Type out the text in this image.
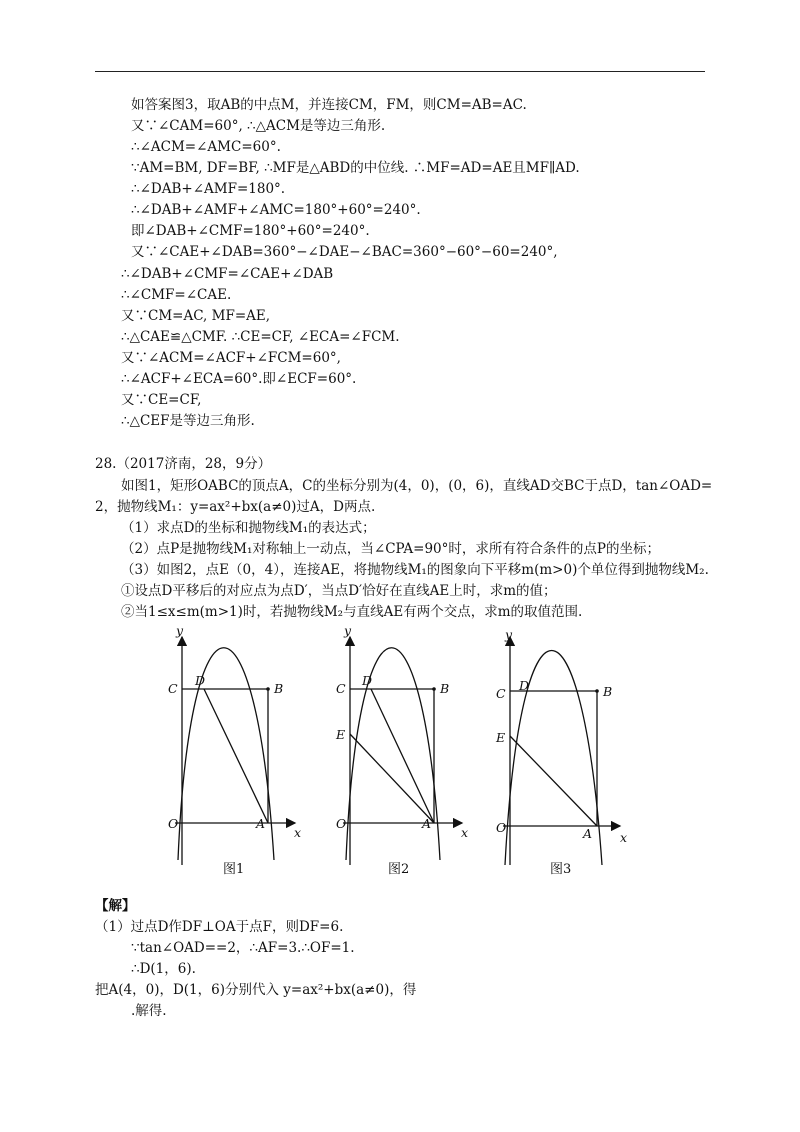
如答案图3，取AB的中点M，并连接CM，FM，则CM=AB=AC.
又∵∠CAM=60°, ∴△ACM是等边三角形.
∴∠ACM=∠AMC=60°.
∵AM=BM, DF=BF, ∴MF是△ABD的中位线. ∴MF=AD=AE且MF∥AD.
∴∠DAB+∠AMF=180°.
∴∠DAB+∠AMF+∠AMC=180°+60°=240°.
即∠DAB+∠CMF=180°+60°=240°.
又∵∠CAE+∠DAB=360°−∠DAE−∠BAC=360°−60°−60=240°,
∴∠DAB+∠CMF=∠CAE+∠DAB
∴∠CMF=∠CAE.
又∵CM=AC, MF=AE,
∴△CAE≌△CMF. ∴CE=CF, ∠ECA=∠FCM.
又∵∠ACM=∠ACF+∠FCM=60°,
∴∠ACF+∠ECA=60°.即∠ECF=60°.
又∵CE=CF,
∴△CEF是等边三角形.
28.（2017济南，28，9分）
如图1，矩形OABC的顶点A，C的坐标分别为(4，0)，(0，6)，直线AD交BC于点D，tan∠OAD=
2，抛物线M₁：y=ax²+bx(a≠0)过A，D两点.
（1）求点D的坐标和抛物线M₁的表达式；
（2）点P是抛物线M₁对称轴上一动点，当∠CPA=90°时，求所有符合条件的点P的坐标；
（3）如图2，点E（0，4），连接AE，将抛物线M₁的图象向下平移m(m>0)个单位得到抛物线M₂.
①设点D平移后的对应点为点D′，当点D′恰好在直线AE上时，求m的值；
②当1≤x≤m(m>1)时，若抛物线M₂与直线AE有两个交点，求m的取值范围.
y
x
O	A
C
D
B
y
x
O	A
C
D
B
E
y
x
O	A
C
D	B
E
图1	图2	图3
【解】
（1）过点D作DF⊥OA于点F，则DF=6.
∵tan∠OAD==2，∴AF=3.∴OF=1.
∴D(1，6).
把A(4，0)，D(1，6)分别代入 y=ax²+bx(a≠0)，得
.解得.
